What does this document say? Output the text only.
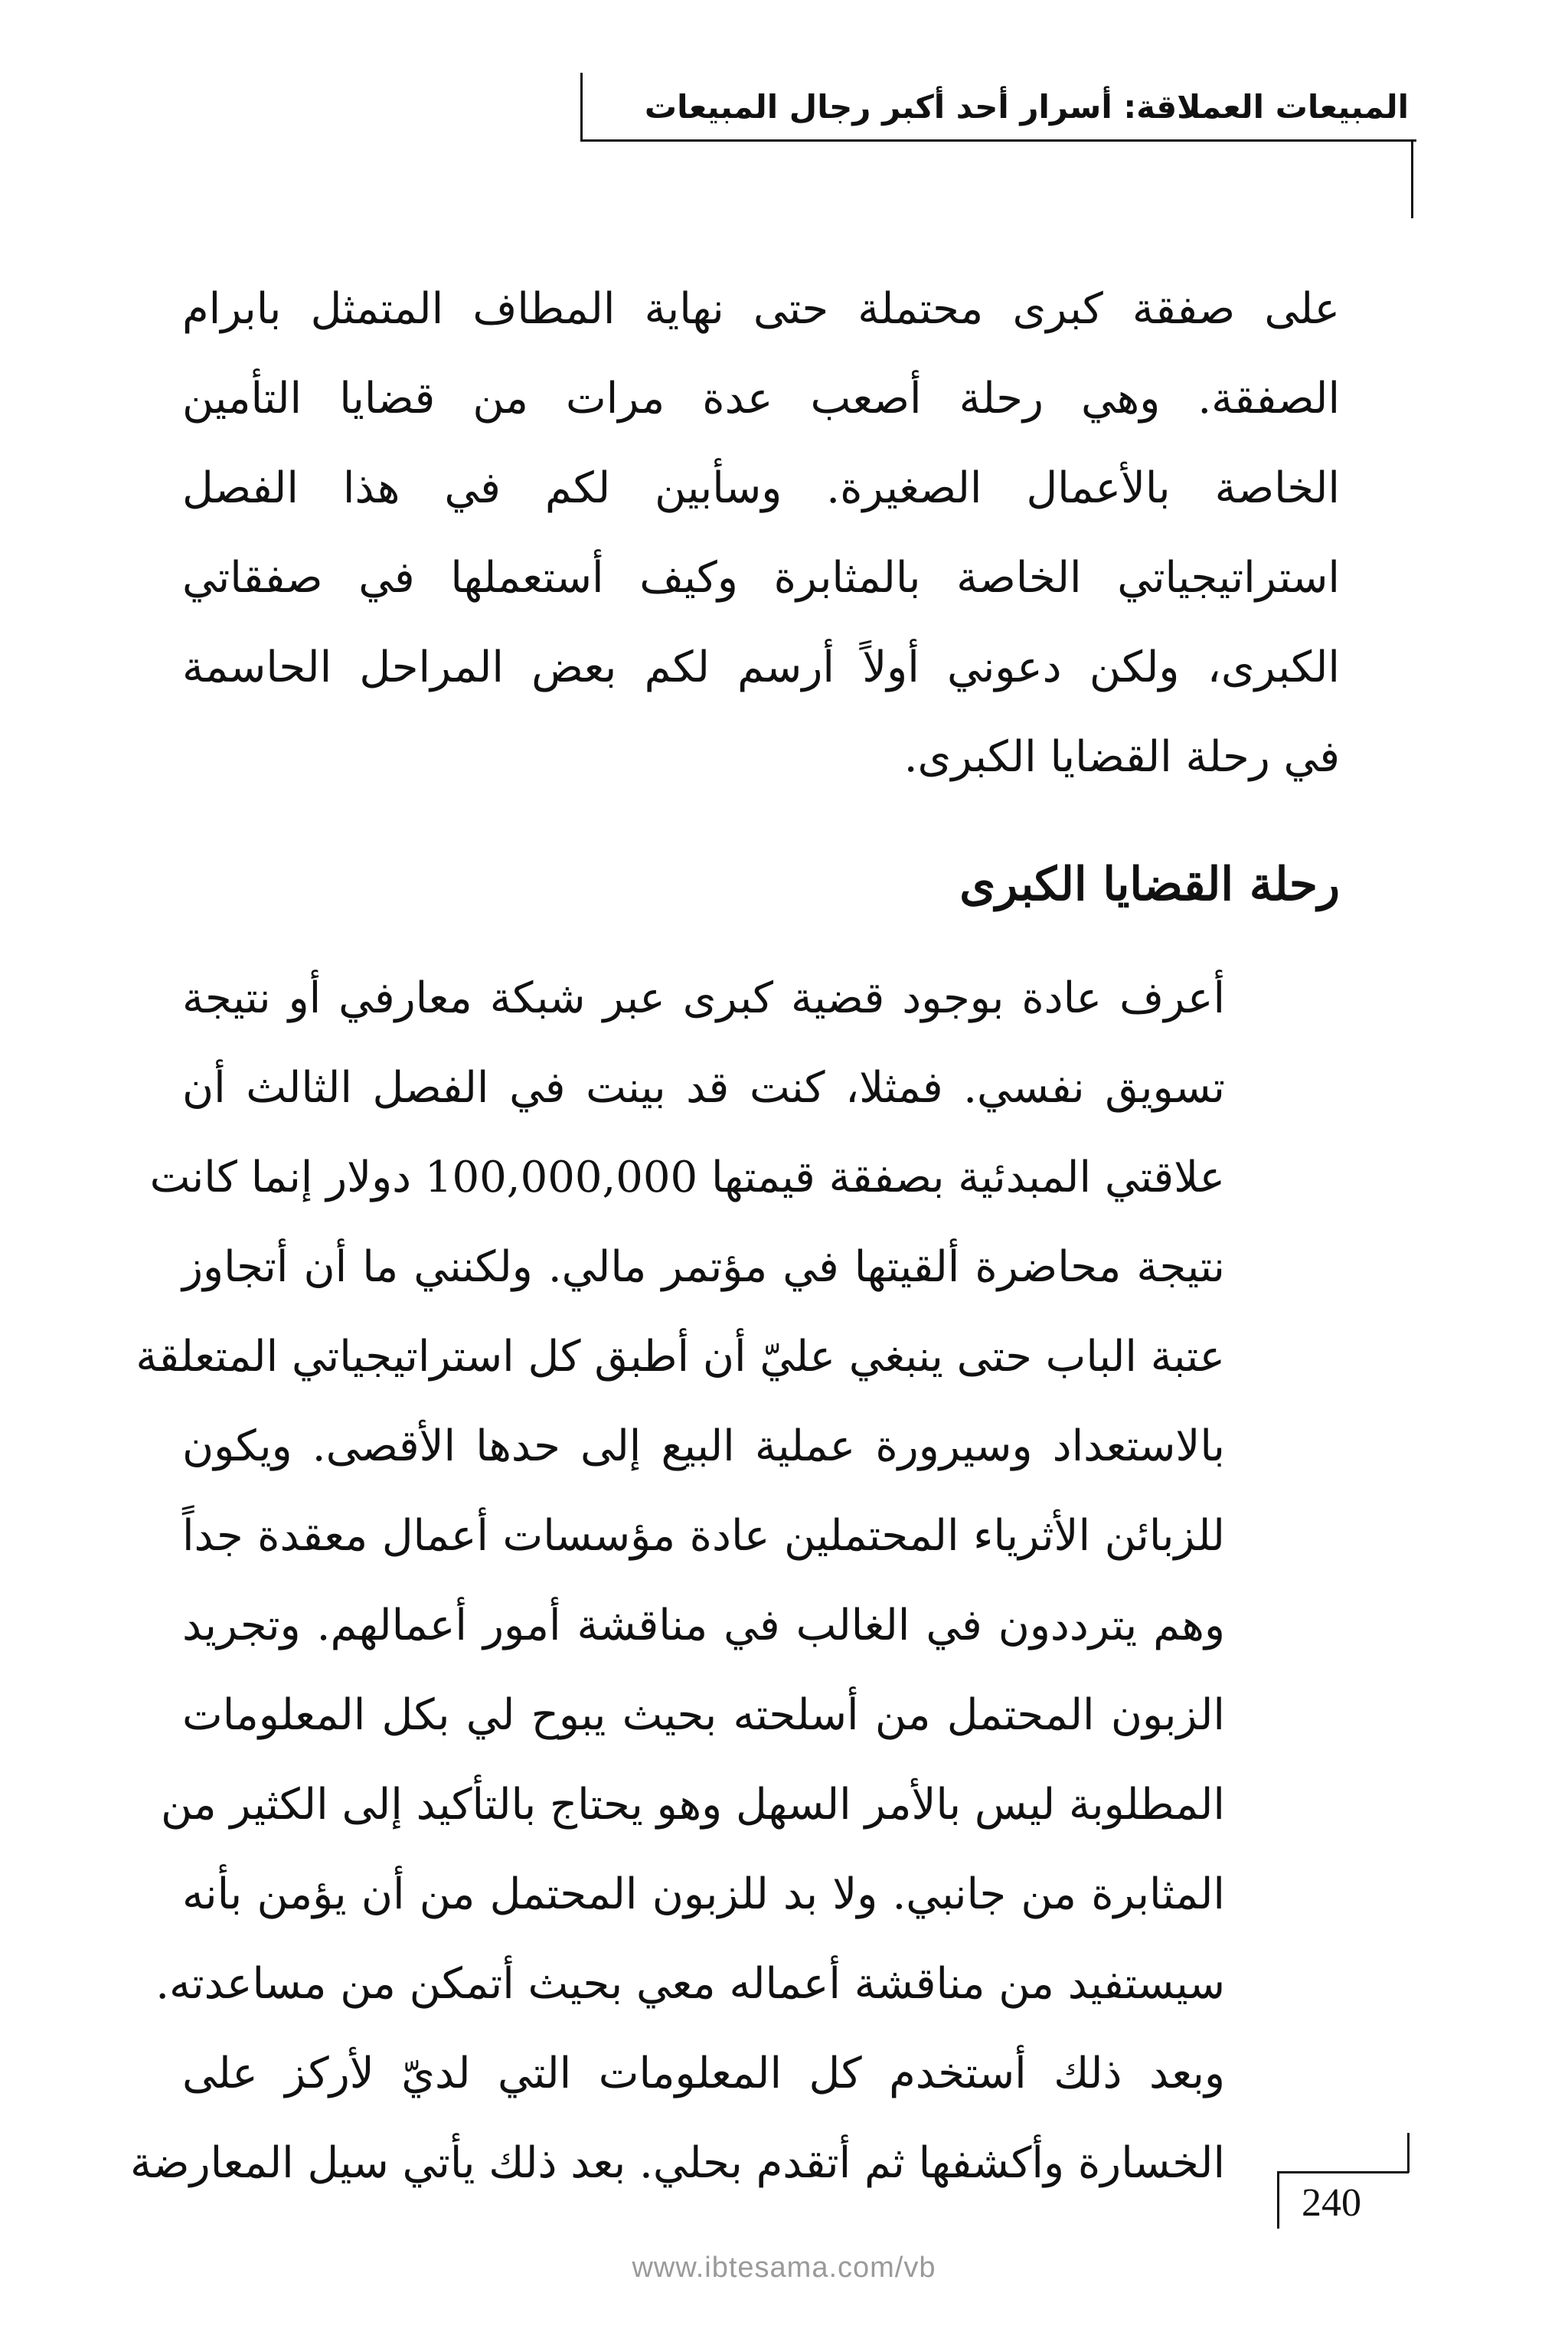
المبيعات العملاقة: أسرار أحد أكبر رجال المبيعات
على صفقة كبرى محتملة حتى نهاية المطاف المتمثل بابرام
الصفقة. وهي رحلة أصعب عدة مرات من قضايا التأمين
الخاصة بالأعمال الصغيرة. وسأبين لكم في هذا الفصل
استراتيجياتي الخاصة بالمثابرة وكيف أستعملها في صفقاتي
الكبرى، ولكن دعوني أولاً أرسم لكم بعض المراحل الحاسمة
في رحلة القضايا الكبرى.
رحلة القضايا الكبرى
أعرف عادة بوجود قضية كبرى عبر شبكة معارفي أو نتيجة
تسويق نفسي. فمثلا، كنت قد بينت في الفصل الثالث أن
علاقتي المبدئية بصفقة قيمتها 100,000,000 دولار إنما كانت
نتيجة محاضرة ألقيتها في مؤتمر مالي. ولكنني ما أن أتجاوز
عتبة الباب حتى ينبغي عليّ أن أطبق كل استراتيجياتي المتعلقة
بالاستعداد وسيرورة عملية البيع إلى حدها الأقصى. ويكون
للزبائن الأثرياء المحتملين عادة مؤسسات أعمال معقدة جداً
وهم يترددون في الغالب في مناقشة أمور أعمالهم. وتجريد
الزبون المحتمل من أسلحته بحيث يبوح لي بكل المعلومات
المطلوبة ليس بالأمر السهل وهو يحتاج بالتأكيد إلى الكثير من
المثابرة من جانبي. ولا بد للزبون المحتمل من أن يؤمن بأنه
سيستفيد من مناقشة أعماله معي بحيث أتمكن من مساعدته.
وبعد ذلك أستخدم كل المعلومات التي لديّ لأركز على
الخسارة وأكشفها ثم أتقدم بحلي. بعد ذلك يأتي سيل المعارضة
240
www.ibtesama.com/vb
